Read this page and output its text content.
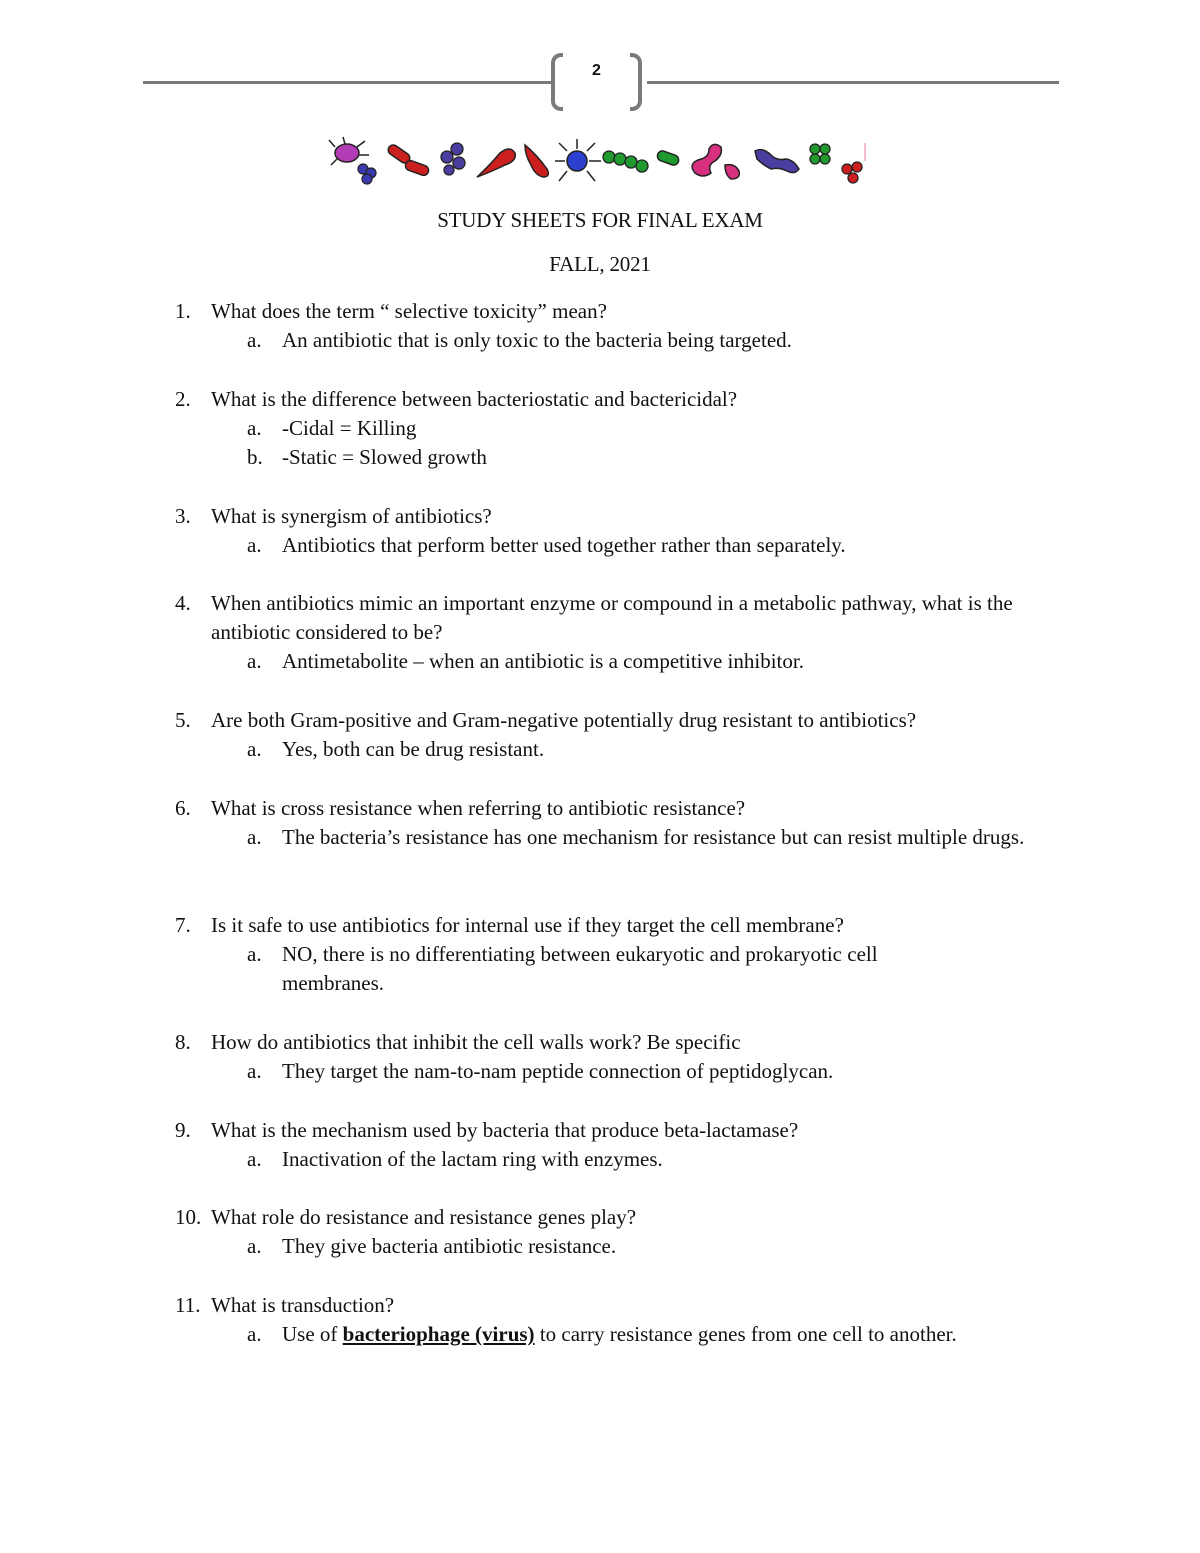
2
STUDY SHEETS FOR FINAL EXAM
FALL, 2021
1. What does the term “ selective toxicity” mean?
a. An antibiotic that is only toxic to the bacteria being targeted.
2. What is the difference between bacteriostatic and bactericidal?
a. -Cidal = Killing
b. -Static = Slowed growth
3. What is synergism of antibiotics?
a. Antibiotics that perform better used together rather than separately.
4. When antibiotics mimic an important enzyme or compound in a metabolic pathway, what is the antibiotic considered to be?
a. Antimetabolite – when an antibiotic is a competitive inhibitor.
5. Are both Gram-positive and Gram-negative potentially drug resistant to antibiotics?
a. Yes, both can be drug resistant.
6. What is cross resistance when referring to antibiotic resistance?
a. The bacteria’s resistance has one mechanism for resistance but can resist multiple drugs.
7. Is it safe to use antibiotics for internal use if they target the cell membrane?
a. NO, there is no differentiating between eukaryotic and prokaryotic cell membranes.
8. How do antibiotics that inhibit the cell walls work? Be specific
a. They target the nam-to-nam peptide connection of peptidoglycan.
9. What is the mechanism used by bacteria that produce beta-lactamase?
a. Inactivation of the lactam ring with enzymes.
10. What role do resistance and resistance genes play?
a. They give bacteria antibiotic resistance.
11. What is transduction?
a. Use of bacteriophage (virus) to carry resistance genes from one cell to another.
